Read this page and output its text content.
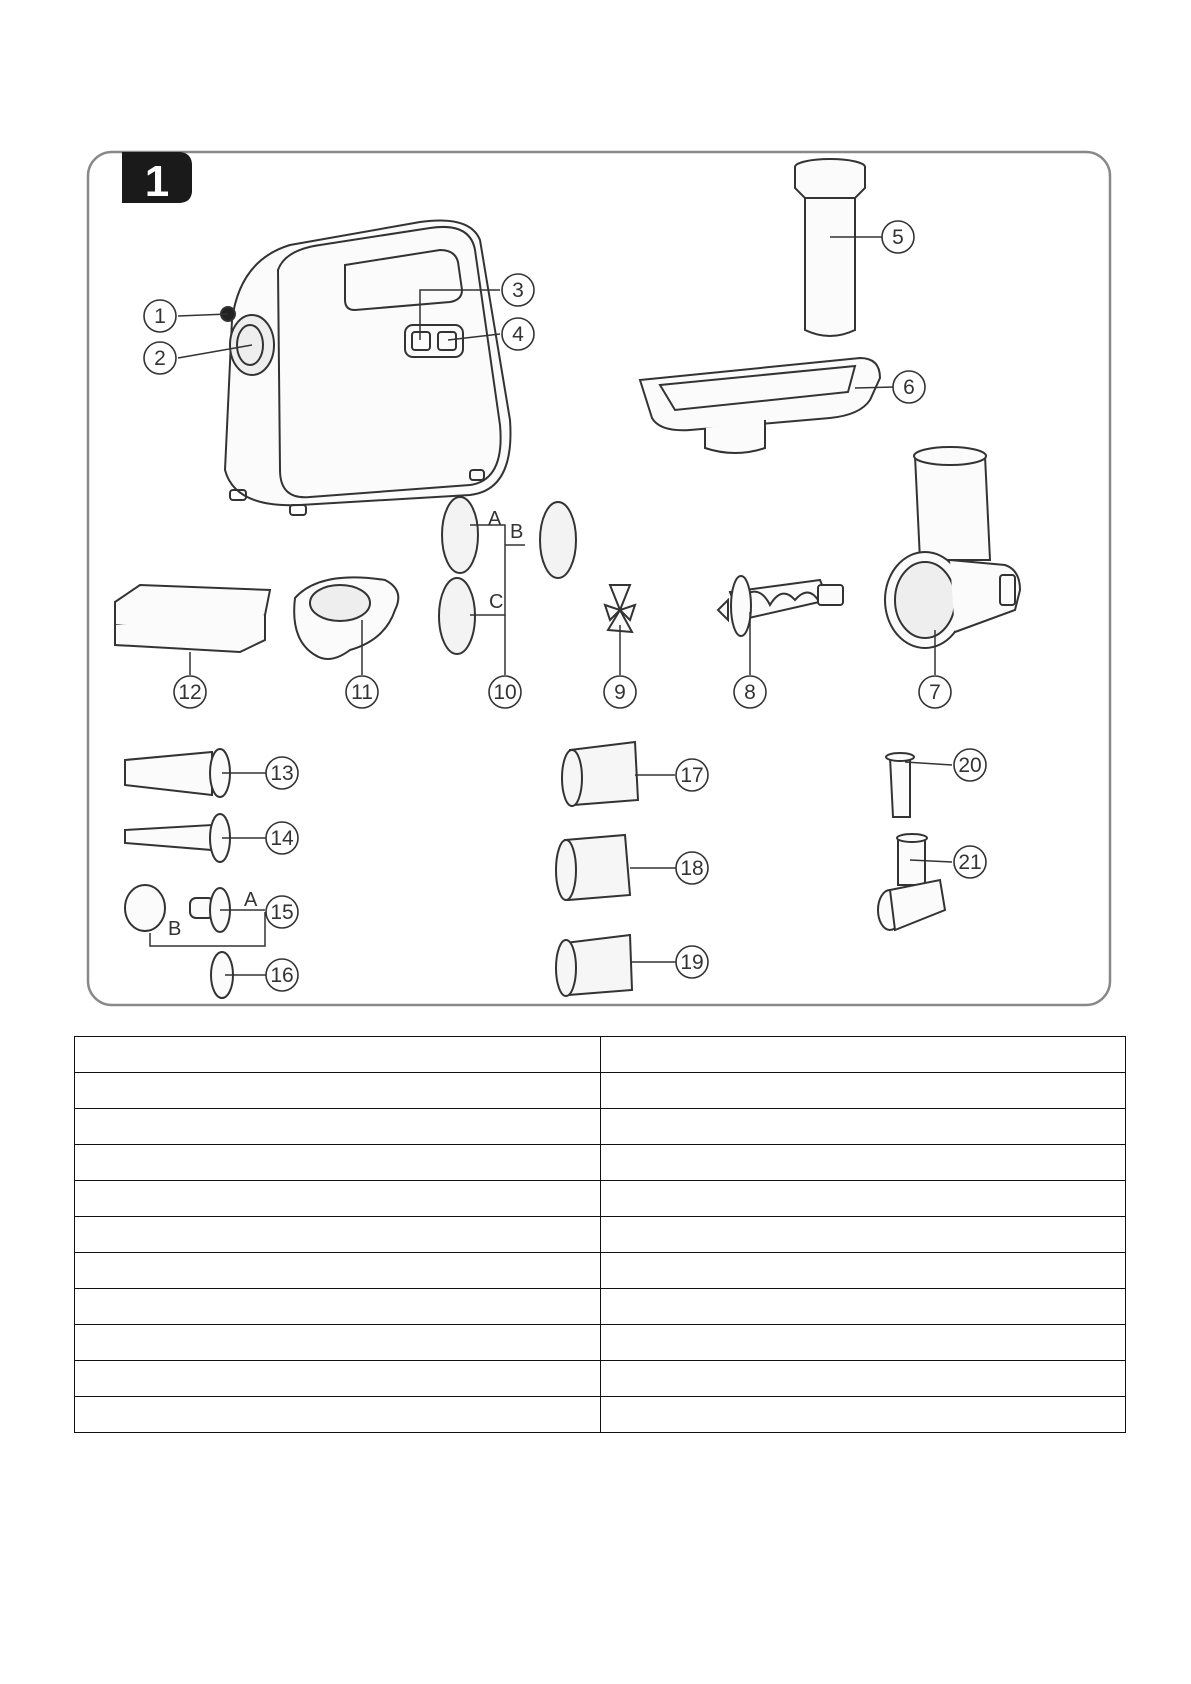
1
1
2
3
4
5
6
7
8
9
10
11
12
13
14
15
16
17
18
19
20
21
A
B
C
A
B
